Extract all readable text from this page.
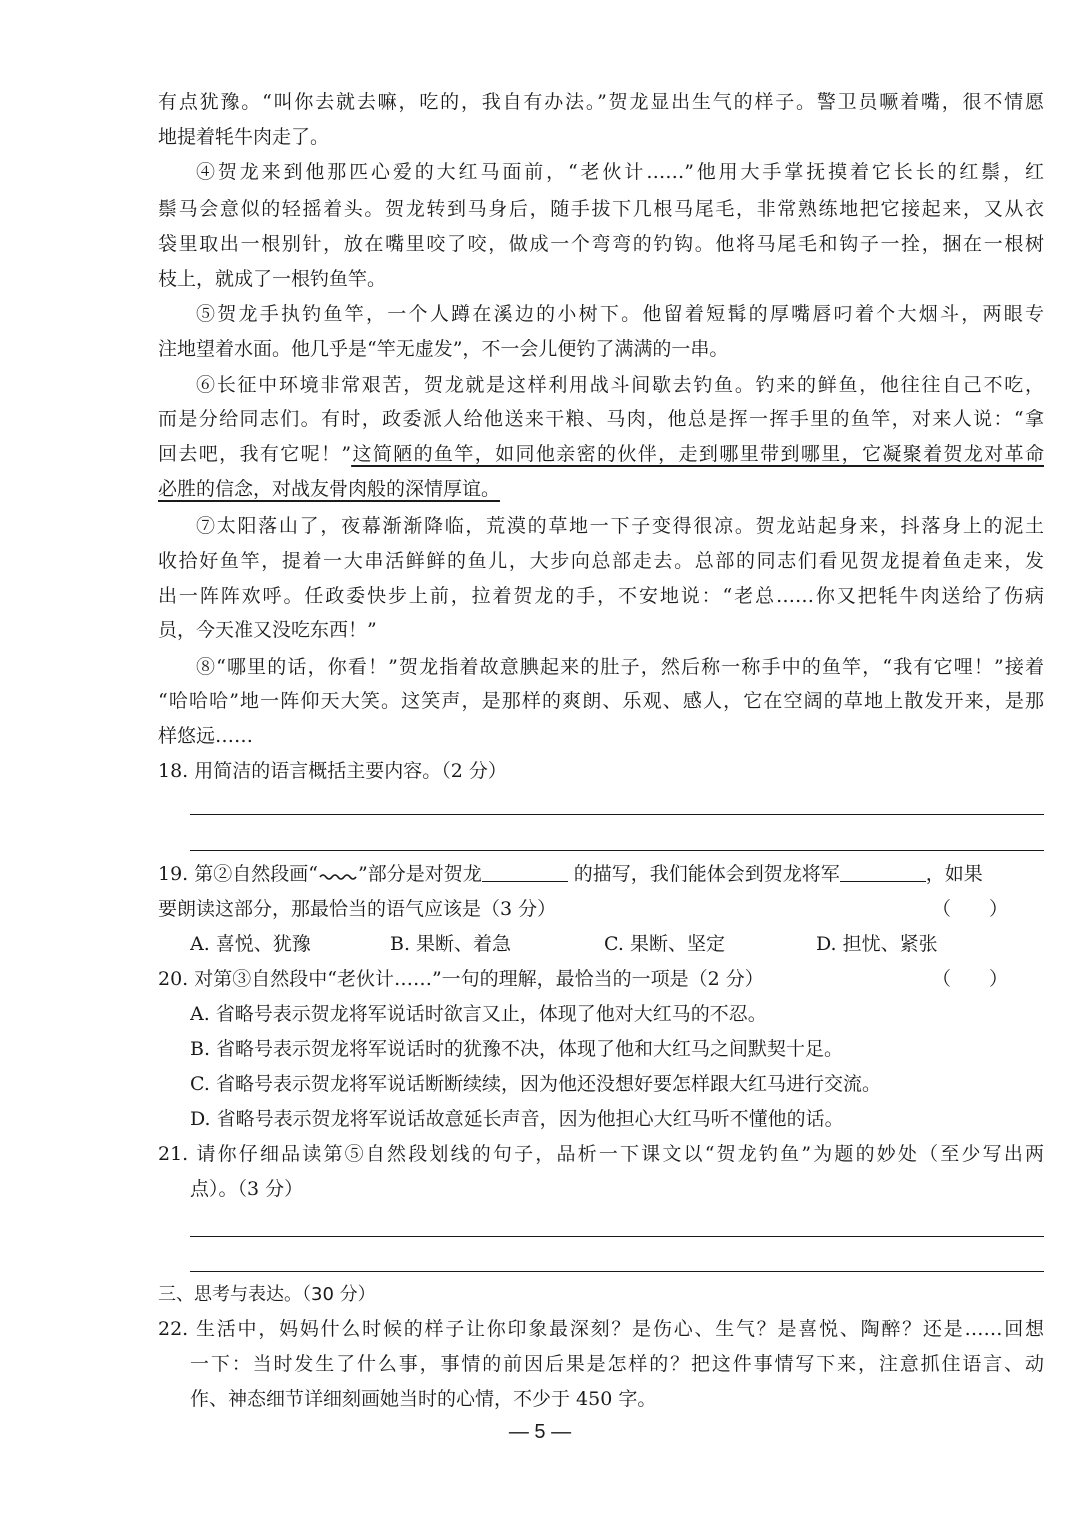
有点犹豫。“叫你去就去嘛，吃的，我自有办法。”贺龙显出生气的样子。警卫员噘着嘴，很不情愿
地提着牦牛肉走了。
④贺龙来到他那匹心爱的大红马面前，“老伙计……”他用大手掌抚摸着它长长的红鬃，红
鬃马会意似的轻摇着头。贺龙转到马身后，随手拔下几根马尾毛，非常熟练地把它接起来，又从衣
袋里取出一根别针，放在嘴里咬了咬，做成一个弯弯的钓钩。他将马尾毛和钩子一拴，捆在一根树
枝上，就成了一根钓鱼竿。
⑤贺龙手执钓鱼竿，一个人蹲在溪边的小树下。他留着短髯的厚嘴唇叼着个大烟斗，两眼专
注地望着水面。他几乎是“竿无虚发”，不一会儿便钓了满满的一串。
⑥长征中环境非常艰苦，贺龙就是这样利用战斗间歇去钓鱼。钓来的鲜鱼，他往往自己不吃，
而是分给同志们。有时，政委派人给他送来干粮、马肉，他总是挥一挥手里的鱼竿，对来人说：“拿
回去吧，我有它呢！”这简陋的鱼竿，如同他亲密的伙伴，走到哪里带到哪里，它凝聚着贺龙对革命
必胜的信念，对战友骨肉般的深情厚谊。
⑦太阳落山了，夜幕渐渐降临，荒漠的草地一下子变得很凉。贺龙站起身来，抖落身上的泥土
收拾好鱼竿，提着一大串活鲜鲜的鱼儿，大步向总部走去。总部的同志们看见贺龙提着鱼走来，发
出一阵阵欢呼。任政委快步上前，拉着贺龙的手，不安地说：“老总……你又把牦牛肉送给了伤病
员，今天准又没吃东西！”
⑧“哪里的话，你看！”贺龙指着故意腆起来的肚子，然后称一称手中的鱼竿，“我有它哩！”接着
“哈哈哈”地一阵仰天大笑。这笑声，是那样的爽朗、乐观、感人，它在空阔的草地上散发开来，是那
样悠远……
18. 用简洁的语言概括主要内容。（2 分）
19. 第②自然段画“ ”部分是对贺龙	的描写，我们能体会到贺龙将军	，如果
要朗读这部分，那最恰当的语气应该是（3 分）	（　　）
A. 喜悦、犹豫	B. 果断、着急	C. 果断、坚定	D. 担忧、紧张
20. 对第③自然段中“老伙计……”一句的理解，最恰当的一项是（2 分）	（　　）
A. 省略号表示贺龙将军说话时欲言又止，体现了他对大红马的不忍。
B. 省略号表示贺龙将军说话时的犹豫不决，体现了他和大红马之间默契十足。
C. 省略号表示贺龙将军说话断断续续，因为他还没想好要怎样跟大红马进行交流。
D. 省略号表示贺龙将军说话故意延长声音，因为他担心大红马听不懂他的话。
21. 请你仔细品读第⑤自然段划线的句子，品析一下课文以“贺龙钓鱼”为题的妙处（至少写出两
点）。（3 分）
三、思考与表达。（30 分）
22. 生活中，妈妈什么时候的样子让你印象最深刻？是伤心、生气？是喜悦、陶醉？还是……回想
一下：当时发生了什么事，事情的前因后果是怎样的？把这件事情写下来，注意抓住语言、动
作、神态细节详细刻画她当时的心情，不少于 450 字。
— 5 —
